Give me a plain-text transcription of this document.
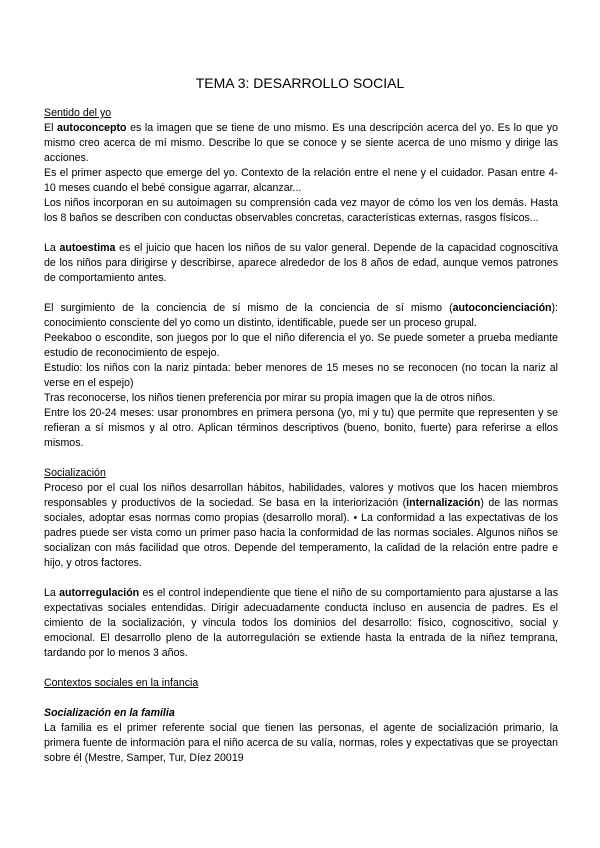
TEMA 3: DESARROLLO SOCIAL

Sentido del yo

El autoconcepto es la imagen que se tiene de uno mismo. Es una descripción acerca del yo. Es lo que yo mismo creo acerca de mí mismo. Describe lo que se conoce y se siente acerca de uno mismo y dirige las acciones.

Es el primer aspecto que emerge del yo. Contexto de la relación entre el nene y el cuidador. Pasan entre 4-10 meses cuando el bebé consigue agarrar, alcanzar...

Los niños incorporan en su autoimagen su comprensión cada vez mayor de cómo los ven los demás. Hasta los 8 baños se describen con conductas observables concretas, características externas, rasgos físicos...

La autoestima es el juicio que hacen los niños de su valor general. Depende de la capacidad cognoscitiva de los niños para dirigirse y describirse, aparece alrededor de los 8 años de edad, aunque vemos patrones de comportamiento antes.

El surgimiento de la conciencia de sí mismo de la conciencia de sí mismo (autoconcienciación): conocimiento consciente del yo como un distinto, identificable, puede ser un proceso grupal.

Peekaboo o escondite, son juegos por lo que el niño diferencia el yo. Se puede someter a prueba mediante estudio de reconocimiento de espejo.

Estudio: los niños con la nariz pintada: beber menores de 15 meses no se reconocen (no tocan la nariz al verse en el espejo)

Tras reconocerse, los niños tienen preferencia por mirar su propia imagen que la de otros niños.

Entre los 20-24 meses: usar pronombres en primera persona (yo, mi y tu) que permite que representen y se refieran a sí mismos y al otro. Aplican términos descriptivos (bueno, bonito, fuerte) para referirse a ellos mismos.

Socialización

Proceso por el cual los niños desarrollan hábitos, habilidades, valores y motivos que los hacen miembros responsables y productivos de la sociedad. Se basa en la interiorización (internalización) de las normas sociales, adoptar esas normas como propias (desarrollo moral). • La conformidad a las expectativas de los padres puede ser vista como un primer paso hacia la conformidad de las normas sociales. Algunos niños se socializan con más facilidad que otros. Depende del temperamento, la calidad de la relación entre padre e hijo, y otros factores.

La autorregulación es el control independiente que tiene el niño de su comportamiento para ajustarse a las expectativas sociales entendidas. Dirigir adecuadamente conducta incluso en ausencia de padres. Es el cimiento de la socialización, y vincula todos los dominios del desarrollo: físico, cognoscitivo, social y emocional. El desarrollo pleno de la autorregulación se extiende hasta la entrada de la niñez temprana, tardando por lo menos 3 años.

Contextos sociales en la infancia

Socialización en la familia

La familia es el primer referente social que tienen las personas, el agente de socialización primario, la primera fuente de información para el niño acerca de su valía, normas, roles y expectativas que se proyectan sobre él (Mestre, Samper, Tur, Díez 20019
